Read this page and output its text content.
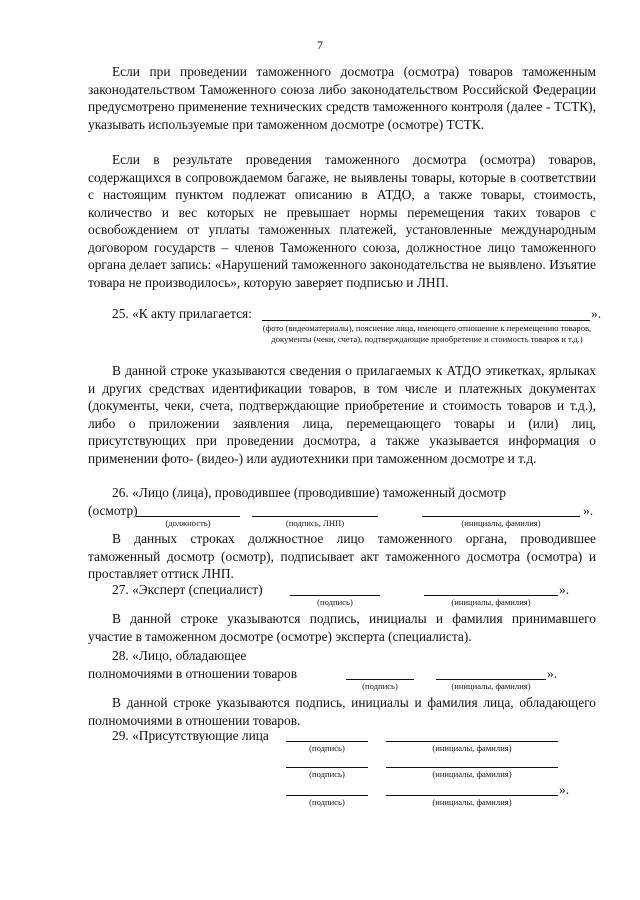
7

Если при проведении таможенного досмотра (осмотра) товаров таможенным законодательством Таможенного союза либо законодательством Российской Федерации предусмотрено применение технических средств таможенного контроля (далее - ТСТК), указывать используемые при таможенном досмотре (осмотре) ТСТК.

Если в результате проведения таможенного досмотра (осмотра) товаров, содержащихся в сопровождаемом багаже, не выявлены товары, которые в соответствии с настоящим пунктом подлежат описанию в АТДО, а также товары, стоимость, количество и вес которых не превышает нормы перемещения таких товаров с освобождением от уплаты таможенных платежей, установленные международным договором государств – членов Таможенного союза, должностное лицо таможенного органа делает запись: «Нарушений таможенного законодательства не выявлено. Изъятие товара не производилось», которую заверяет подписью и ЛНП.

25. «К акту прилагается:	».
(фото (видеоматериалы), пояснение лица, имеющего отношение к перемещению товаров, документы (чеки, счета), подтверждающие приобретение и стоимость товаров и т.д.)

В данной строке указываются сведения о прилагаемых к АТДО этикетках, ярлыках и других средствах идентификации товаров, в том числе и платежных документах (документы, чеки, счета, подтверждающие приобретение и стоимость товаров и т.д.), либо о приложении заявления лица, перемещающего товары и (или) лиц, присутствующих при проведении досмотра, а также указывается информация о применении фото- (видео-) или аудиотехники при таможенном досмотре и т.д.

26. «Лицо (лица), проводившее (проводившие) таможенный досмотр

(осмотр)	».
(должность)	(подпись, ЛНП)	(инициалы, фамилия)

В данных строках должностное лицо таможенного органа, проводившее таможенный досмотр (осмотр), подписывает акт таможенного досмотра (осмотра) и проставляет оттиск ЛНП.

27. «Эксперт (специалист)	».
(подпись)	(инициалы, фамилия)

В данной строке указываются подпись, инициалы и фамилия принимавшего участие в таможенном досмотре (осмотре) эксперта (специалиста).

28. «Лицо, обладающее
полномочиями в отношении товаров	».
(подпись)	(инициалы, фамилия)

В данной строке указываются подпись, инициалы и фамилия лица, обладающего полномочиями в отношении товаров.

29. «Присутствующие лица
(подпись)	(инициалы, фамилия)
(подпись)	(инициалы, фамилия)
».
(подпись)	(инициалы, фамилия)
